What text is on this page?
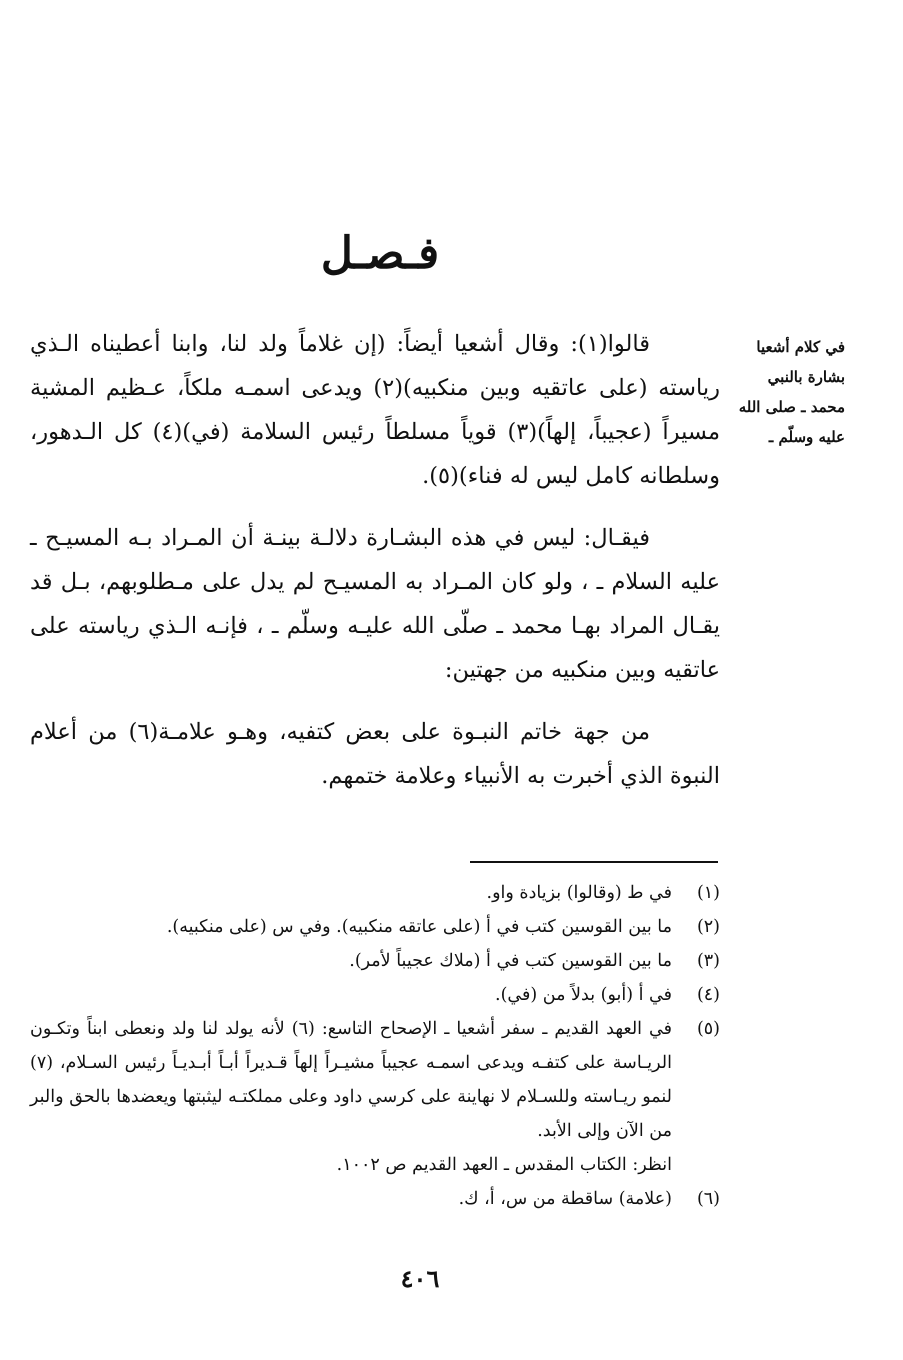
فـصـل
في كلام أشعيا
بشارة بالنبي
محمد ـ صلى الله
عليه وسلّم ـ

قالوا(١): وقال أشعيا أيضاً: (إن غلاماً ولد لنا، وابنا أعطيناه الـذي رياسته (على عاتقيه وبين منكبيه)(٢) ويدعى اسمـه ملكاً، عـظيم المشية مسيراً (عجيباً، إلهاً)(٣) قوياً مسلطاً رئيس السلامة (في)(٤) كل الـدهور، وسلطانه كامل ليس له فناء)(٥).

فيقـال: ليس في هذه البشـارة دلالـة بينـة أن المـراد بـه المسيـح ـ عليه السلام ـ ، ولو كان المـراد به المسيـح لم يدل على مـطلوبهم، بـل قد يقـال المراد بهـا محمد ـ صلّى الله عليـه وسلّم ـ ، فإنـه الـذي رياسته على عاتقيه وبين منكبيه من جهتين:

من جهة خاتم النبـوة على بعض كتفيه، وهـو علامـة(٦) من أعلام النبوة الذي أخبرت به الأنبياء وعلامة ختمهم.

(١)
في ط (وقالوا) بزيادة واو.
(٢)
ما بين القوسين كتب في أ (على عاتقه منكبيه). وفي س (على منكبيه).
(٣)
ما بين القوسين كتب في أ (ملاك عجيباً لأمر).
(٤)
في أ (أبو) بدلاً من (في).
(٥)
في العهد القديم ـ سفر أشعيا ـ الإصحاح التاسع: (٦) لأنه يولد لنا ولد ونعطى ابناً وتكـون الريـاسة على كتفـه ويدعى اسمـه عجيباً مشيـراً إلهاً قـديراً أبـاً أبـديـاً رئيس السـلام، (٧) لنمو ريـاسته وللسـلام لا نهاينة على كرسي داود وعلى مملكتـه ليثبتها ويعضدها بالحق والبر من الآن وإلى الأبد.
انظر: الكتاب المقدس ـ العهد القديم ص ١٠٠٢.
(٦)
(علامة) ساقطة من س، أ، ك.
٤٠٦
